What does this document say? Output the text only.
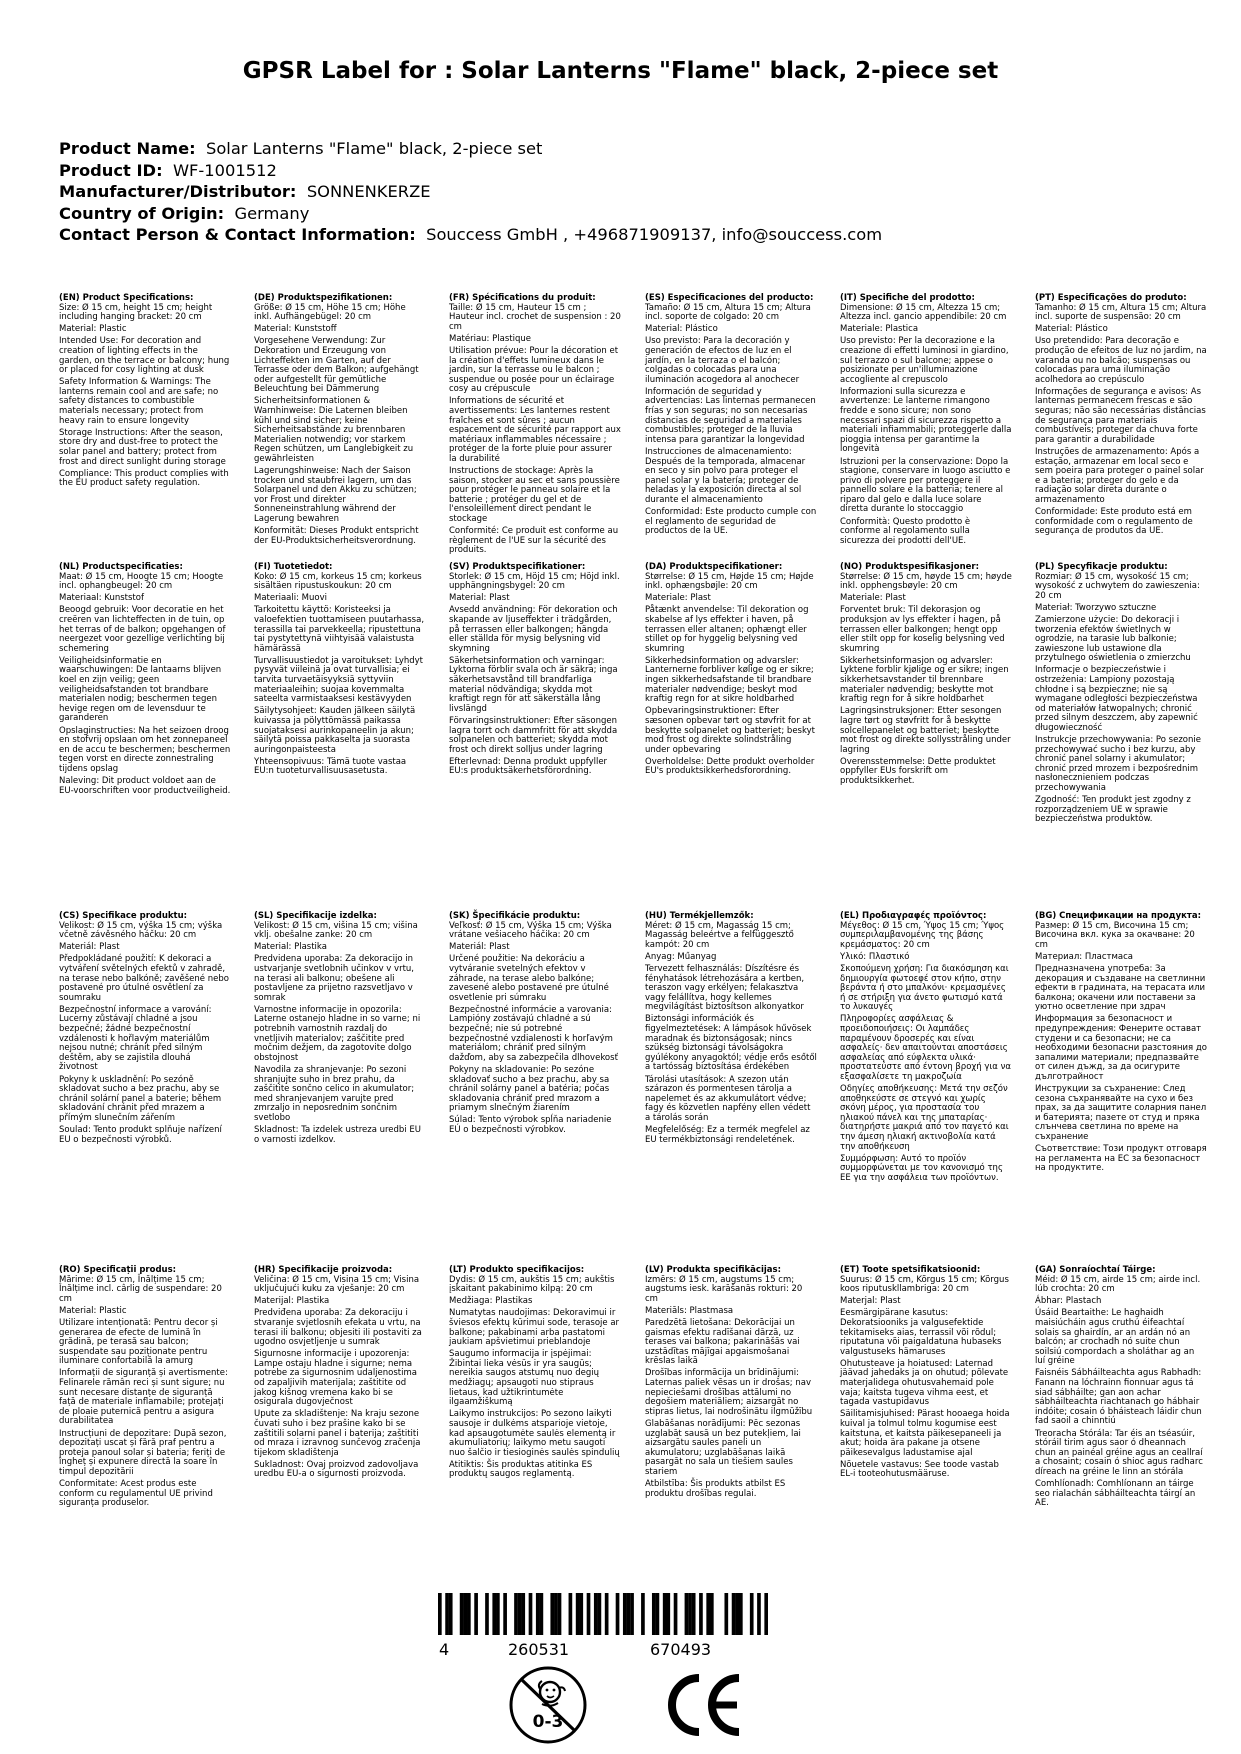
GPSR Label for : Solar Lanterns "Flame" black, 2-piece set
Product Name: Solar Lanterns "Flame" black, 2-piece set
Product ID: WF-1001512
Manufacturer/Distributor: SONNENKERZE
Country of Origin: Germany
Contact Person & Contact Information: Souccess GmbH , +496871909137, info@souccess.com
(EN) Product Specifications:

Size: Ø 15 cm, height 15 cm; height including hanging bracket: 20 cm

Material: Plastic

Intended Use: For decoration and creation of lighting effects in the garden, on the terrace or balcony; hung or placed for cosy lighting at dusk

Safety Information & Warnings: The lanterns remain cool and are safe; no safety distances to combustible materials necessary; protect from heavy rain to ensure longevity

Storage Instructions: After the season, store dry and dust-free to protect the solar panel and battery; protect from frost and direct sunlight during storage

Compliance: This product complies with the EU product safety regulation.

(DE) Produktspezifikationen:

Größe: Ø 15 cm, Höhe 15 cm; Höhe inkl. Aufhängebügel: 20 cm

Material: Kunststoff

Vorgesehene Verwendung: Zur Dekoration und Erzeugung von Lichteffekten im Garten, auf der Terrasse oder dem Balkon; aufgehängt oder aufgestellt für gemütliche Beleuchtung bei Dämmerung

Sicherheitsinformationen & Warnhinweise: Die Laternen bleiben kühl und sind sicher; keine Sicherheitsabstände zu brennbaren Materialien notwendig; vor starkem Regen schützen, um Langlebigkeit zu gewährleisten

Lagerungshinweise: Nach der Saison trocken und staubfrei lagern, um das Solarpanel und den Akku zu schützen; vor Frost und direkter Sonneneinstrahlung während der Lagerung bewahren

Konformität: Dieses Produkt entspricht der EU-Produktsicherheitsverordnung.

(FR) Spécifications du produit:

Taille: Ø 15 cm, Hauteur 15 cm ; Hauteur incl. crochet de suspension : 20 cm

Matériau: Plastique

Utilisation prévue: Pour la décoration et la création d'effets lumineux dans le jardin, sur la terrasse ou le balcon ; suspendue ou posée pour un éclairage cosy au crépuscule

Informations de sécurité et avertissements: Les lanternes restent fraîches et sont sûres ; aucun espacement de sécurité par rapport aux matériaux inflammables nécessaire ; protéger de la forte pluie pour assurer la durabilité

Instructions de stockage: Après la saison, stocker au sec et sans poussière pour protéger le panneau solaire et la batterie ; protéger du gel et de l'ensoleillement direct pendant le stockage

Conformité: Ce produit est conforme au règlement de l'UE sur la sécurité des produits.

(ES) Especificaciones del producto:

Tamaño: Ø 15 cm, Altura 15 cm; Altura incl. soporte de colgado: 20 cm

Material: Plástico

Uso previsto: Para la decoración y generación de efectos de luz en el jardín, en la terraza o el balcón; colgadas o colocadas para una iluminación acogedora al anochecer

Información de seguridad y advertencias: Las linternas permanecen frías y son seguras; no son necesarias distancias de seguridad a materiales combustibles; proteger de la lluvia intensa para garantizar la longevidad

Instrucciones de almacenamiento: Después de la temporada, almacenar en seco y sin polvo para proteger el panel solar y la batería; proteger de heladas y la exposición directa al sol durante el almacenamiento

Conformidad: Este producto cumple con el reglamento de seguridad de productos de la UE.

(IT) Specifiche del prodotto:

Dimensione: Ø 15 cm, Altezza 15 cm; Altezza incl. gancio appendibile: 20 cm

Materiale: Plastica

Uso previsto: Per la decorazione e la creazione di effetti luminosi in giardino, sul terrazzo o sul balcone; appese o posizionate per un'illuminazione accogliente al crepuscolo

Informazioni sulla sicurezza e avvertenze: Le lanterne rimangono fredde e sono sicure; non sono necessari spazi di sicurezza rispetto a materiali infiammabili; proteggerle dalla pioggia intensa per garantirne la longevità

Istruzioni per la conservazione: Dopo la stagione, conservare in luogo asciutto e privo di polvere per proteggere il pannello solare e la batteria; tenere al riparo dal gelo e dalla luce solare diretta durante lo stoccaggio

Conformità: Questo prodotto è conforme al regolamento sulla sicurezza dei prodotti dell'UE.

(PT) Especificações do produto:

Tamanho: Ø 15 cm, Altura 15 cm; Altura incl. suporte de suspensão: 20 cm

Material: Plástico

Uso pretendido: Para decoração e produção de efeitos de luz no jardim, na varanda ou no balcão; suspensas ou colocadas para uma iluminação acolhedora ao crepúsculo

Informações de segurança e avisos: As lanternas permanecem frescas e são seguras; não são necessárias distâncias de segurança para materiais combustíveis; proteger da chuva forte para garantir a durabilidade

Instruções de armazenamento: Após a estação, armazenar em local seco e sem poeira para proteger o painel solar e a bateria; proteger do gelo e da radiação solar direta durante o armazenamento

Conformidade: Este produto está em conformidade com o regulamento de segurança de produtos da UE.

(NL) Productspecificaties:

Maat: Ø 15 cm, Hoogte 15 cm; Hoogte incl. ophangbeugel: 20 cm

Materiaal: Kunststof

Beoogd gebruik: Voor decoratie en het creëren van lichteffecten in de tuin, op het terras of de balkon; opgehangen of neergezet voor gezellige verlichting bij schemering

Veiligheidsinformatie en waarschuwingen: De lantaarns blijven koel en zijn veilig; geen veiligheidsafstanden tot brandbare materialen nodig; beschermen tegen hevige regen om de levensduur te garanderen

Opslaginstructies: Na het seizoen droog en stofvrij opslaan om het zonnepaneel en de accu te beschermen; beschermen tegen vorst en directe zonnestraling tijdens opslag

Naleving: Dit product voldoet aan de EU-voorschriften voor productveiligheid.

(FI) Tuotetiedot:

Koko: Ø 15 cm, korkeus 15 cm; korkeus sisältäen ripustuskoukun: 20 cm

Materiaali: Muovi

Tarkoitettu käyttö: Koristeeksi ja valoefektien tuottamiseen puutarhassa, terassilla tai parvekkeella; ripustettuna tai pystytettynä viihtyisää valaistusta hämärässä

Turvallisuustiedot ja varoitukset: Lyhdyt pysyvät viileinä ja ovat turvallisia; ei tarvita turvaetäisyyksiä syttyviin materiaaleihin; suojaa kovemmalta sateelta varmistaaksesi kestävyyden

Säilytysohjeet: Kauden jälkeen säilytä kuivassa ja pölyttömässä paikassa suojataksesi aurinkopaneelin ja akun; säilytä poissa pakkaselta ja suorasta auringonpaisteesta

Yhteensopivuus: Tämä tuote vastaa EU:n tuoteturvallisuusasetusta.

(SV) Produktspecifikationer:

Storlek: Ø 15 cm, Höjd 15 cm; Höjd inkl. upphängningsbygel: 20 cm

Material: Plast

Avsedd användning: För dekoration och skapande av ljuseffekter i trädgården, på terrassen eller balkongen; hängda eller ställda för mysig belysning vid skymning

Säkerhetsinformation och varningar: Lyktorna förblir svala och är säkra; inga säkerhetsavstånd till brandfarliga material nödvändiga; skydda mot kraftigt regn för att säkerställa lång livslängd

Förvaringsinstruktioner: Efter säsongen lagra torrt och dammfritt för att skydda solpanelen och batteriet; skydda mot frost och direkt solljus under lagring

Efterlevnad: Denna produkt uppfyller EU:s produktsäkerhetsförordning.

(DA) Produktspecifikationer:

Størrelse: Ø 15 cm, Højde 15 cm; Højde inkl. ophængsbøjle: 20 cm

Materiale: Plast

Påtænkt anvendelse: Til dekoration og skabelse af lys effekter i haven, på terrassen eller altanen; ophængt eller stillet op for hyggelig belysning ved skumring

Sikkerhedsinformation og advarsler: Lanternerne forbliver kølige og er sikre; ingen sikkerhedsafstande til brandbare materialer nødvendige; beskyt mod kraftig regn for at sikre holdbarhed

Opbevaringsinstruktioner: Efter sæsonen opbevar tørt og støvfrit for at beskytte solpanelet og batteriet; beskyt mod frost og direkte solindstråling under opbevaring

Overholdelse: Dette produkt overholder EU's produktsikkerhedsforordning.

(NO) Produktspesifikasjoner:

Størrelse: Ø 15 cm, høyde 15 cm; høyde inkl. opphengsbøyle: 20 cm

Materiale: Plast

Forventet bruk: Til dekorasjon og produksjon av lys effekter i hagen, på terrassen eller balkongen; hengt opp eller stilt opp for koselig belysning ved skumring

Sikkerhetsinformasjon og advarsler: Lyktene forblir kjølige og er sikre; ingen sikkerhetsavstander til brennbare materialer nødvendig; beskytte mot kraftig regn for å sikre holdbarhet

Lagringsinstruksjoner: Etter sesongen lagre tørt og støvfritt for å beskytte solcellepanelet og batteriet; beskytte mot frost og direkte sollysstråling under lagring

Overensstemmelse: Dette produktet oppfyller EUs forskrift om produktsikkerhet.

(PL) Specyfikacje produktu:

Rozmiar: Ø 15 cm, wysokość 15 cm; wysokość z uchwytem do zawieszenia: 20 cm

Materiał: Tworzywo sztuczne

Zamierzone użycie: Do dekoracji i tworzenia efektów świetlnych w ogrodzie, na tarasie lub balkonie; zawieszone lub ustawione dla przytulnego oświetlenia o zmierzchu

Informacje o bezpieczeństwie i ostrzeżenia: Lampiony pozostają chłodne i są bezpieczne; nie są wymagane odległości bezpieczeństwa od materiałów łatwopalnych; chronić przed silnym deszczem, aby zapewnić długowieczność

Instrukcje przechowywania: Po sezonie przechowywać sucho i bez kurzu, aby chronić panel solarny i akumulator; chronić przed mrozem i bezpośrednim nasłonecznieniem podczas przechowywania

Zgodność: Ten produkt jest zgodny z rozporządzeniem UE w sprawie bezpieczeństwa produktów.

(CS) Specifikace produktu:

Velikost: Ø 15 cm, výška 15 cm; výška včetně závěsného háčku: 20 cm

Materiál: Plast

Předpokládané použití: K dekoraci a vytváření světelných efektů v zahradě, na terase nebo balkóně; zavěšené nebo postavené pro útulné osvětlení za soumraku

Bezpečnostní informace a varování: Lucerny zůstávají chladné a jsou bezpečné; žádné bezpečnostní vzdálenosti k hořlavým materiálům nejsou nutné; chránit před silným deštěm, aby se zajistila dlouhá životnost

Pokyny k uskladnění: Po sezóně skladovat sucho a bez prachu, aby se chránil solární panel a baterie; během skladování chránit před mrazem a přímým slunečním zářením

Soulad: Tento produkt splňuje nařízení EU o bezpečnosti výrobků.

(SL) Specifikacije izdelka:

Velikost: Ø 15 cm, višina 15 cm; višina vklj. obešalne zanke: 20 cm

Material: Plastika

Predvidena uporaba: Za dekoracijo in ustvarjanje svetlobnih učinkov v vrtu, na terasi ali balkonu; obešene ali postavljene za prijetno razsvetljavo v somrak

Varnostne informacije in opozorila: Laterne ostanejo hladne in so varne; ni potrebnih varnostnih razdalj do vnetljivih materialov; zaščitite pred močnim dežjem, da zagotovite dolgo obstojnost

Navodila za shranjevanje: Po sezoni shranjujte suho in brez prahu, da zaščitite sončno celico in akumulator; med shranjevanjem varujte pred zmrzaljo in neposrednim sončnim svetlobo

Skladnost: Ta izdelek ustreza uredbi EU o varnosti izdelkov.

(SK) Špecifikácie produktu:

Veľkosť: Ø 15 cm, Výška 15 cm; Výška vrátane vešiaceho háčika: 20 cm

Materiál: Plast

Určené použitie: Na dekoráciu a vytváranie svetelných efektov v záhrade, na terase alebo balkóne; zavesené alebo postavené pre útulné osvetlenie pri súmraku

Bezpečnostné informácie a varovania: Lampióny zostávajú chladné a sú bezpečné; nie sú potrebné bezpečnostné vzdialenosti k horľavým materiálom; chrániť pred silným dažďom, aby sa zabezpečila dlhovekosť

Pokyny na skladovanie: Po sezóne skladovať sucho a bez prachu, aby sa chránil solárny panel a batéria; počas skladovania chrániť pred mrazom a priamym slnečným žiarením

Súlad: Tento výrobok spĺňa nariadenie EÚ o bezpečnosti výrobkov.

(HU) Termékjellemzők:

Méret: Ø 15 cm, Magasság 15 cm; Magasság beleértve a felfüggesztő kampót: 20 cm

Anyag: Műanyag

Tervezett felhasználás: Díszítésre és fényhatások létrehozására a kertben, teraszon vagy erkélyen; felakasztva vagy felállítva, hogy kellemes megvilágítást biztosítson alkonyatkor

Biztonsági információk és figyelmeztetések: A lámpások hűvösek maradnak és biztonságosak; nincs szükség biztonsági távolságokra gyúlékony anyagoktól; védje erős esőtől a tartósság biztosítása érdekében

Tárolási utasítások: A szezon után szárazon és pormentesen tárolja a napelemet és az akkumulátort védve; fagy és közvetlen napfény ellen védett a tárolás során

Megfelelőség: Ez a termék megfelel az EU termékbiztonsági rendeletének.

(EL) Προδιαγραφές προϊόντος:

Μέγεθος: Ø 15 cm, Ύψος 15 cm; Ύψος συμπεριλαμβανομένης της βάσης κρεμάσματος: 20 cm

Υλικό: Πλαστικό

Σκοπούμενη χρήση: Για διακόσμηση και δημιουργία φωτοεφέ στον κήπο, στην βεράντα ή στο μπαλκόνι· κρεμασμένες ή σε στήριξη για άνετο φωτισμό κατά το λυκαυγές

Πληροφορίες ασφάλειας & προειδοποιήσεις: Οι λαμπάδες παραμένουν δροσερές και είναι ασφαλείς· δεν απαιτούνται αποστάσεις ασφαλείας από εύφλεκτα υλικά· προστατεύστε από έντονη βροχή για να εξασφαλίσετε τη μακροζωία

Οδηγίες αποθήκευσης: Μετά την σεζόν αποθηκεύστε σε στεγνό και χωρίς σκόνη μέρος, για προστασία του ηλιακού πάνελ και της μπαταρίας· διατηρήστε μακριά από τον παγετό και την άμεση ηλιακή ακτινοβολία κατά την αποθήκευση

Συμμόρφωση: Αυτό το προϊόν συμμορφώνεται με τον κανονισμό της ΕΕ για την ασφάλεια των προϊόντων.

(BG) Спецификации на продукта:

Размер: Ø 15 cm, Височина 15 cm; Височина вкл. кука за окачване: 20 cm

Материал: Пластмаса

Предназначена употреба: За декорация и създаване на светлинни ефекти в градината, на терасата или балкона; окачени или поставени за уютно осветление при здрач

Информация за безопасност и предупреждения: Фенерите остават студени и са безопасни; не са необходими безопасни разстояния до запалими материали; предпазвайте от силен дъжд, за да осигурите дълготрайност

Инструкции за съхранение: След сезона съхранявайте на сухо и без прах, за да защитите соларния панел и батерията; пазете от студ и пряка слънчева светлина по време на съхранение

Съответствие: Този продукт отговаря на регламента на ЕС за безопасност на продуктите.

(RO) Specificații produs:

Mărime: Ø 15 cm, Înălțime 15 cm; Înălțime incl. cârlig de suspendare: 20 cm

Material: Plastic

Utilizare intenționată: Pentru decor și generarea de efecte de lumină în grădină, pe terasă sau balcon; suspendate sau poziționate pentru iluminare confortabilă la amurg

Informații de siguranță și avertismente: Felinarele rămân reci și sunt sigure; nu sunt necesare distanțe de siguranță față de materiale inflamabile; protejați de ploaie puternică pentru a asigura durabilitatea

Instrucțiuni de depozitare: După sezon, depozitați uscat și fără praf pentru a proteja panoul solar și bateria; feriți de îngheț și expunere directă la soare în timpul depozitării

Conformitate: Acest produs este conform cu regulamentul UE privind siguranța produselor.

(HR) Specifikacije proizvoda:

Veličina: Ø 15 cm, Visina 15 cm; Visina uključujući kuku za vješanje: 20 cm

Materijal: Plastika

Predviđena uporaba: Za dekoraciju i stvaranje svjetlosnih efekata u vrtu, na terasi ili balkonu; objesiti ili postaviti za ugodno osvjetljenje u sumrak

Sigurnosne informacije i upozorenja: Lampe ostaju hladne i sigurne; nema potrebe za sigurnosnim udaljenostima od zapaljivih materijala; zaštitite od jakog kišnog vremena kako bi se osigurala dugovječnost

Upute za skladištenje: Na kraju sezone čuvati suho i bez prašine kako bi se zaštitili solarni panel i baterija; zaštititi od mraza i izravnog sunčevog zračenja tijekom skladištenja

Sukladnost: Ovaj proizvod zadovoljava uredbu EU-a o sigurnosti proizvoda.

(LT) Produkto specifikacijos:

Dydis: Ø 15 cm, aukštis 15 cm; aukštis įskaitant pakabinimo kilpą: 20 cm

Medžiaga: Plastikas

Numatytas naudojimas: Dekoravimui ir šviesos efektų kūrimui sode, terasoje ar balkone; pakabinami arba pastatomi jaukiam apšvietimui prieblandoje

Saugumo informacija ir įspėjimai: Žibintai lieka vėsūs ir yra saugūs; nereikia saugos atstumų nuo degių medžiagų; apsaugoti nuo stipraus lietaus, kad užtikrintumėte ilgaamžiškumą

Laikymo instrukcijos: Po sezono laikyti sausoje ir dulkėms atsparioje vietoje, kad apsaugotumėte saulės elementą ir akumuliatorių; laikymo metu saugoti nuo šalčio ir tiesioginės saulės spindulių

Atitiktis: Šis produktas atitinka ES produktų saugos reglamentą.

(LV) Produkta specifikācijas:

Izmērs: Ø 15 cm, augstums 15 cm; augstums iesk. karāšanās rokturi: 20 cm

Materiāls: Plastmasa

Paredzētā lietošana: Dekorācijai un gaismas efektu radīšanai dārzā, uz terases vai balkona; pakarināšās vai uzstādītas mājīgai apgaismošanai krēslas laikā

Drošības informācija un brīdinājumi: Laternas paliek vēsas un ir drošas; nav nepieciešami drošības attālumi no degošiem materiāliem; aizsargāt no stipras lietus, lai nodrošinātu ilgmūžību

Glabāšanas norādījumi: Pēc sezonas uzglabāt sausā un bez putekļiem, lai aizsargātu saules paneli un akumulatoru; uzglabāšanas laikā pasargāt no sala un tiešiem saules stariem

Atbilstība: Šis produkts atbilst ES produktu drošības regulai.

(ET) Toote spetsifikatsioonid:

Suurus: Ø 15 cm, Kõrgus 15 cm; Kõrgus koos riputuskllambriga: 20 cm

Materjal: Plast

Eesmärgipärane kasutus: Dekoratsiooniks ja valgusefektide tekitamiseks aias, terrassil või rõdul; riputatuna või paigaldatuna hubaseks valgustuseks hämaruses

Ohutusteave ja hoiatused: Laternad jäävad jahedaks ja on ohutud; põlevate materjalidega ohutusvahemaid pole vaja; kaitsta tugeva vihma eest, et tagada vastupidavus

Säilitamisjuhised: Pärast hooaega hoida kuival ja tolmul tolmu kogumise eest kaitstuna, et kaitsta päikesepaneeli ja akut; hoida ära pakane ja otsene päikesevalgus ladustamise ajal

Nõuetele vastavus: See toode vastab EL-i tooteohutusmääruse.

(GA) Sonraíochtaí Táirge:

Méid: Ø 15 cm, airde 15 cm; airde incl. lúb crochta: 20 cm

Ábhar: Plastach

Úsáid Beartaithe: Le haghaidh maisiúcháin agus cruthú éifeachtaí solais sa ghairdín, ar an ardán nó an balcón; ar crochadh nó suite chun soilsiú compordach a sholáthar ag an luí gréine

Faisnéis Sábháilteachta agus Rabhadh: Fanann na lóchrainn fionnuar agus tá siad sábháilte; gan aon achar sábháilteachta riachtanach go hábhair indóite; cosain ó bháisteach láidir chun fad saoil a chinntiú

Treoracha Stórála: Tar éis an tséasúir, stóráil tirim agus saor ó dheannach chun an painéal gréine agus an ceallraí a chosaint; cosain ó shioc agus radharc díreach na gréine le linn an stórála

Comhlíonadh: Comhlíonann an táirge seo rialachán sábháilteachta táirgí an AE.

4	260531	670493
0-3
